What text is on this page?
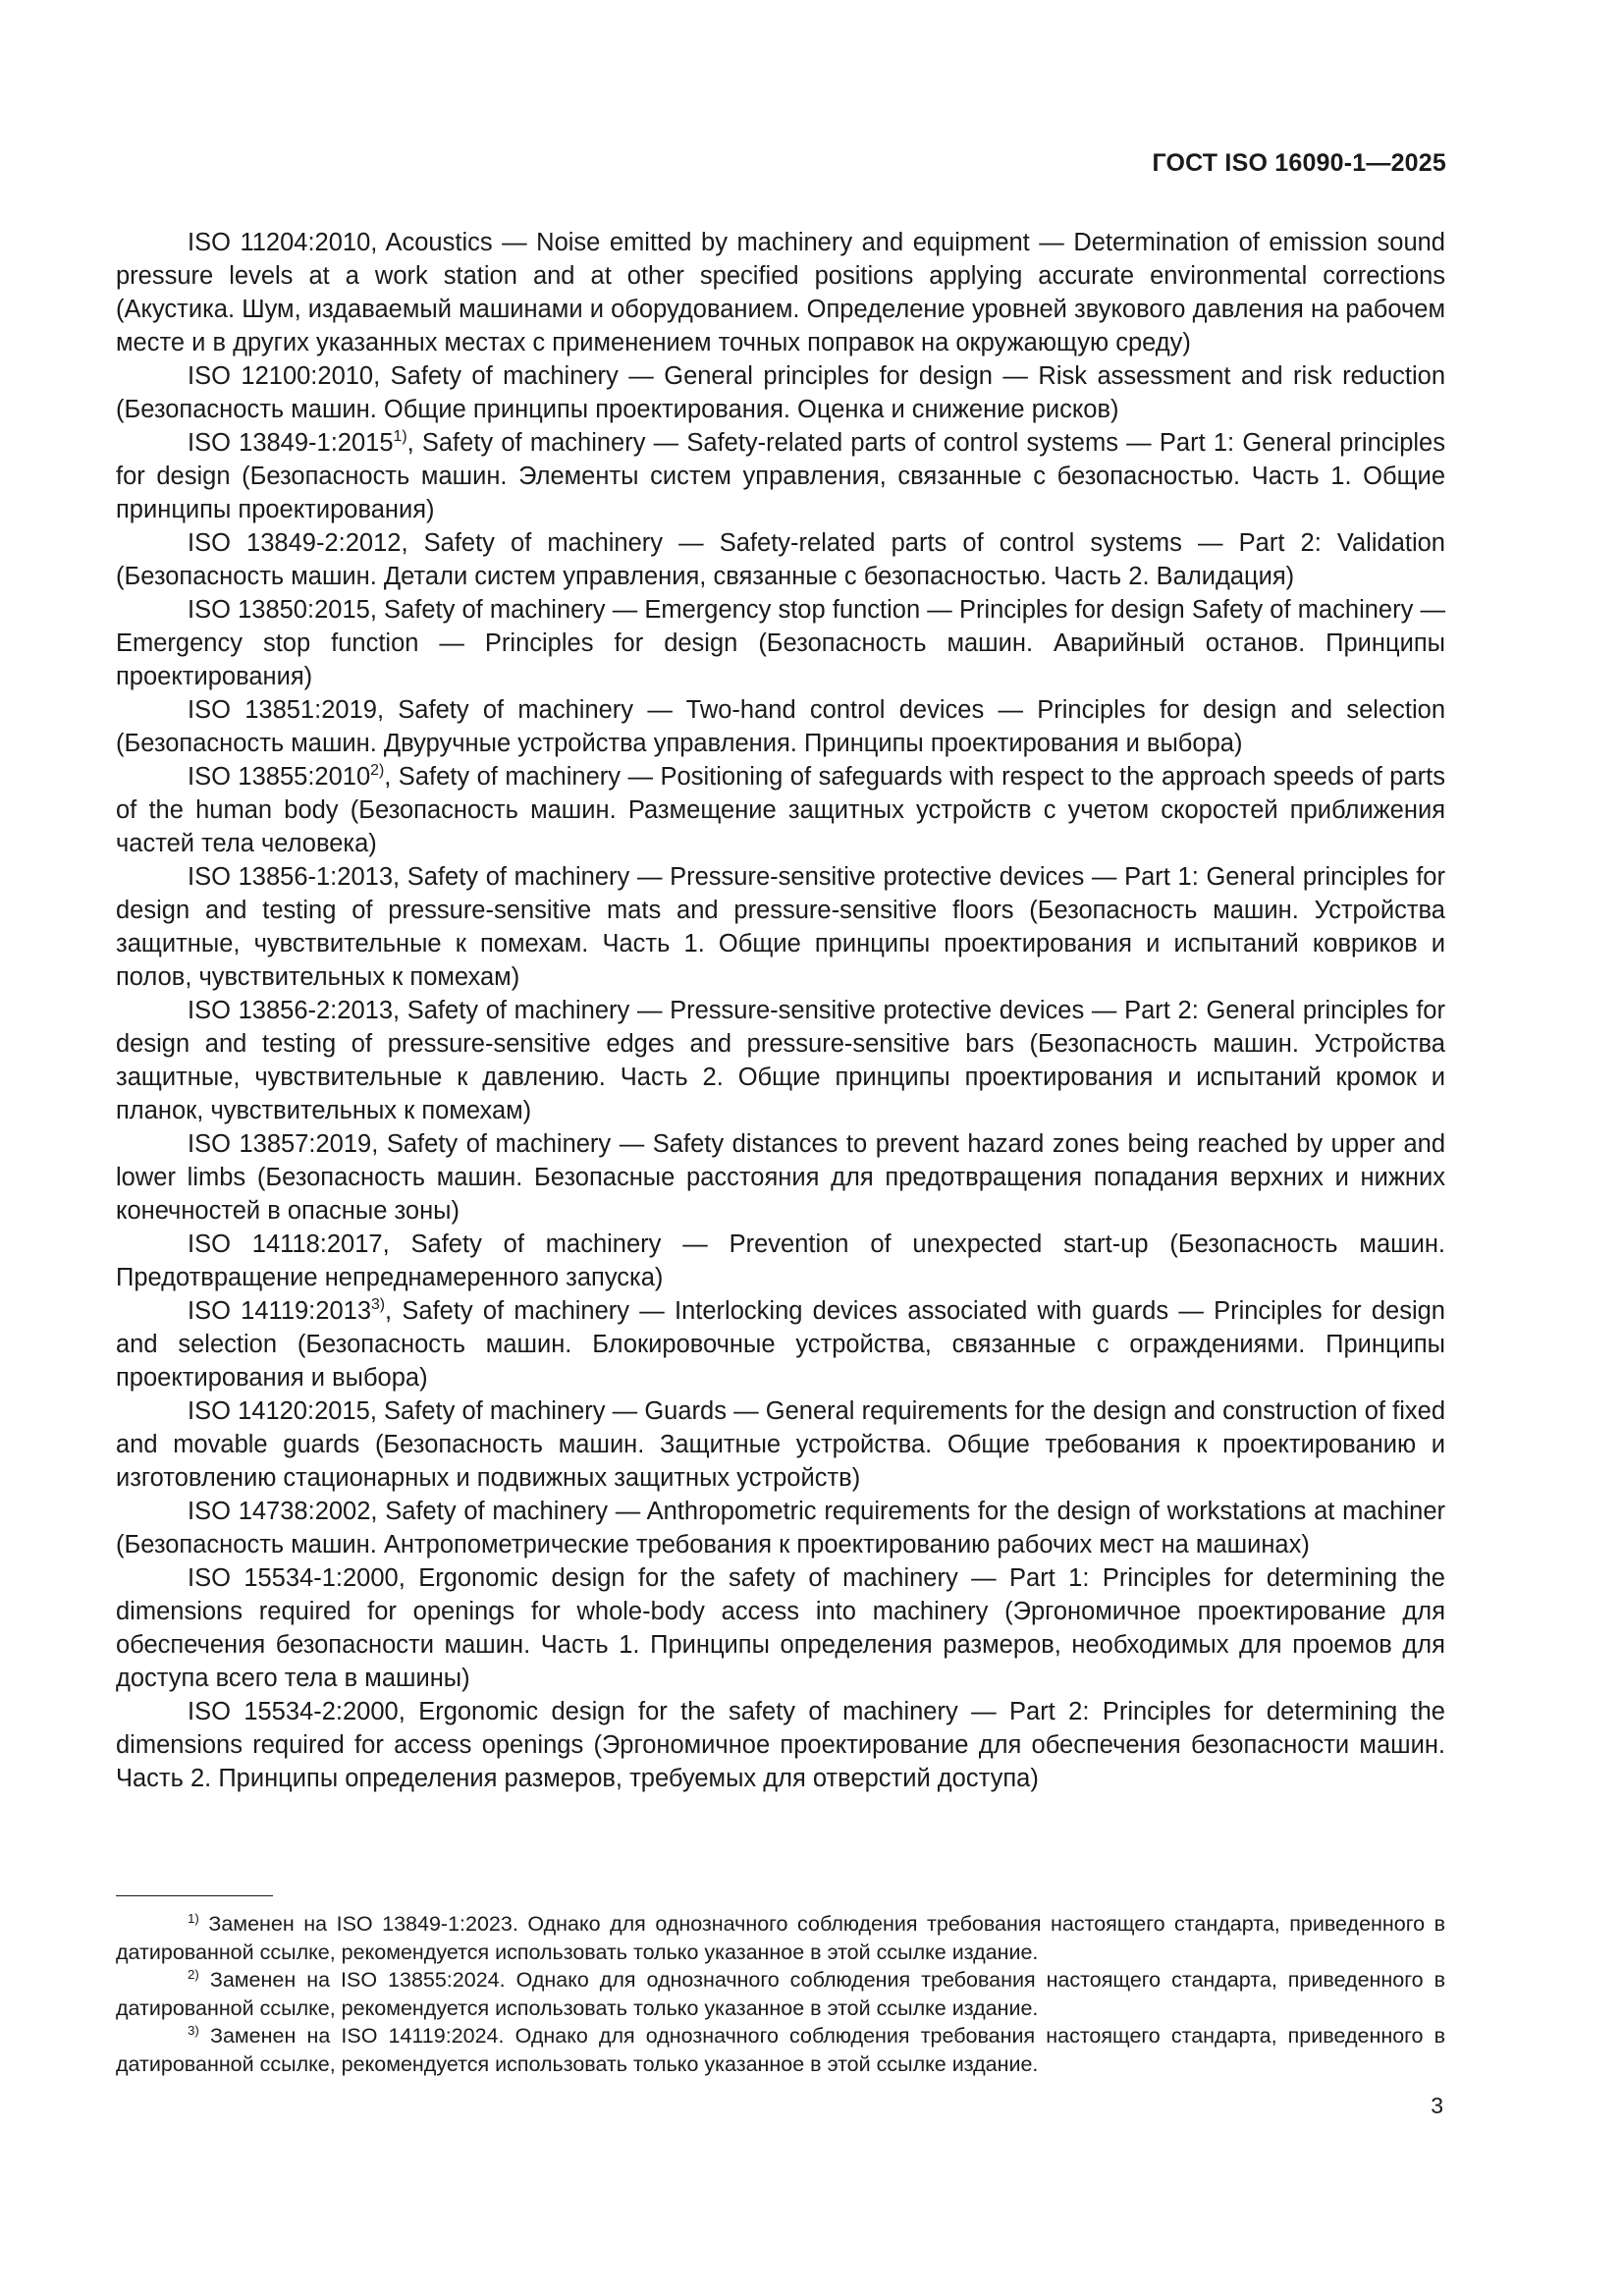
ГОСТ ISO 16090-1—2025

ISO 11204:2010, Acoustics — Noise emitted by machinery and equipment — Determination of emission sound pressure levels at a work station and at other specified positions applying accurate environmental corrections (Акустика. Шум, издаваемый машинами и оборудованием. Определение уровней звукового давления на рабочем месте и в других указанных местах с применением точных поправок на окружающую среду)

ISO 12100:2010, Safety of machinery — General principles for design — Risk assessment and risk reduction (Безопасность машин. Общие принципы проектирования. Оценка и снижение рисков)

ISO 13849-1:2015$^{1)}$, Safety of machinery — Safety-related parts of control systems — Part 1: General principles for design (Безопасность машин. Элементы систем управления, связанные с безопасностью. Часть 1. Общие принципы проектирования)

ISO 13849-2:2012, Safety of machinery — Safety-related parts of control systems — Part 2: Validation (Безопасность машин. Детали систем управления, связанные с безопасностью. Часть 2. Валидация)

ISO 13850:2015, Safety of machinery — Emergency stop function — Principles for design Safety of machinery — Emergency stop function — Principles for design (Безопасность машин. Аварийный останов. Принципы проектирования)

ISO 13851:2019, Safety of machinery — Two-hand control devices — Principles for design and selection (Безопасность машин. Двуручные устройства управления. Принципы проектирования и выбора)

ISO 13855:2010$^{2)}$, Safety of machinery — Positioning of safeguards with respect to the approach speeds of parts of the human body (Безопасность машин. Размещение защитных устройств с учетом скоростей приближения частей тела человека)

ISO 13856-1:2013, Safety of machinery — Pressure-sensitive protective devices — Part 1: General principles for design and testing of pressure-sensitive mats and pressure-sensitive floors (Безопасность машин. Устройства защитные, чувствительные к помехам. Часть 1. Общие принципы проектирования и испытаний ковриков и полов, чувствительных к помехам)

ISO 13856-2:2013, Safety of machinery — Pressure-sensitive protective devices — Part 2: General principles for design and testing of pressure-sensitive edges and pressure-sensitive bars (Безопасность машин. Устройства защитные, чувствительные к давлению. Часть 2. Общие принципы проектирования и испытаний кромок и планок, чувствительных к помехам)

ISO 13857:2019, Safety of machinery — Safety distances to prevent hazard zones being reached by upper and lower limbs (Безопасность машин. Безопасные расстояния для предотвращения попадания верхних и нижних конечностей в опасные зоны)

ISO 14118:2017, Safety of machinery — Prevention of unexpected start-up (Безопасность машин. Предотвращение непреднамеренного запуска)

ISO 14119:2013$^{3)}$, Safety of machinery — Interlocking devices associated with guards — Principles for design and selection (Безопасность машин. Блокировочные устройства, связанные с ограждениями. Принципы проектирования и выбора)

ISO 14120:2015, Safety of machinery — Guards — General requirements for the design and construction of fixed and movable guards (Безопасность машин. Защитные устройства. Общие требования к проектированию и изготовлению стационарных и подвижных защитных устройств)

ISO 14738:2002, Safety of machinery — Anthropometric requirements for the design of workstations at machiner (Безопасность машин. Антропометрические требования к проектированию рабочих мест на машинах)

ISO 15534-1:2000, Ergonomic design for the safety of machinery — Part 1: Principles for determining the dimensions required for openings for whole-body access into machinery (Эргономичное проектирование для обеспечения безопасности машин. Часть 1. Принципы определения размеров, необходимых для проемов для доступа всего тела в машины)

ISO 15534-2:2000, Ergonomic design for the safety of machinery — Part 2: Principles for determining the dimensions required for access openings (Эргономичное проектирование для обеспечения безопасности машин. Часть 2. Принципы определения размеров, требуемых для отверстий доступа)

$^{1)}$ Заменен на ISO 13849-1:2023. Однако для однозначного соблюдения требования настоящего стандарта, приведенного в датированной ссылке, рекомендуется использовать только указанное в этой ссылке издание.

$^{2)}$ Заменен на ISO 13855:2024. Однако для однозначного соблюдения требования настоящего стандарта, приведенного в датированной ссылке, рекомендуется использовать только указанное в этой ссылке издание.

$^{3)}$ Заменен на ISO 14119:2024. Однако для однозначного соблюдения требования настоящего стандарта, приведенного в датированной ссылке, рекомендуется использовать только указанное в этой ссылке издание.

3
